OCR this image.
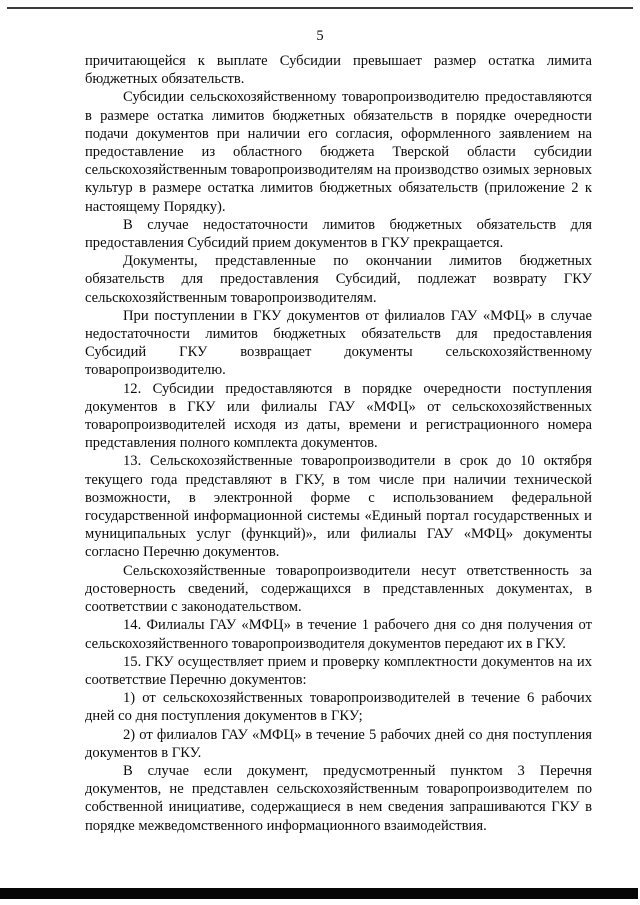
5

причитающейся к выплате Субсидии превышает размер остатка лимита бюджетных обязательств.

Субсидии сельскохозяйственному товаропроизводителю предоставляются в размере остатка лимитов бюджетных обязательств в порядке очередности подачи документов при наличии его согласия, оформленного заявлением на предоставление из областного бюджета Тверской области субсидии сельскохозяйственным товаропроизводителям на производство озимых зерновых культур в размере остатка лимитов бюджетных обязательств (приложение 2 к настоящему Порядку).

В случае недостаточности лимитов бюджетных обязательств для предоставления Субсидий прием документов в ГКУ прекращается.

Документы, представленные по окончании лимитов бюджетных обязательств для предоставления Субсидий, подлежат возврату ГКУ сельскохозяйственным товаропроизводителям.

При поступлении в ГКУ документов от филиалов ГАУ «МФЦ» в случае недостаточности лимитов бюджетных обязательств для предоставления Субсидий ГКУ возвращает документы сельскохозяйственному товаропроизводителю.

12. Субсидии предоставляются в порядке очередности поступления документов в ГКУ или филиалы ГАУ «МФЦ» от сельскохозяйственных товаропроизводителей исходя из даты, времени и регистрационного номера представления полного комплекта документов.

13. Сельскохозяйственные товаропроизводители в срок до 10 октября текущего года представляют в ГКУ, в том числе при наличии технической возможности, в электронной форме с использованием федеральной государственной информационной системы «Единый портал государственных и муниципальных услуг (функций)», или филиалы ГАУ «МФЦ» документы согласно Перечню документов.

Сельскохозяйственные товаропроизводители несут ответственность за достоверность сведений, содержащихся в представленных документах, в соответствии с законодательством.

14. Филиалы ГАУ «МФЦ» в течение 1 рабочего дня со дня получения от сельскохозяйственного товаропроизводителя документов передают их в ГКУ.

15. ГКУ осуществляет прием и проверку комплектности документов на их соответствие Перечню документов:

1) от сельскохозяйственных товаропроизводителей в течение 6 рабочих дней со дня поступления документов в ГКУ;

2) от филиалов ГАУ «МФЦ» в течение 5 рабочих дней со дня поступления документов в ГКУ.

В случае если документ, предусмотренный пунктом 3 Перечня документов, не представлен сельскохозяйственным товаропроизводителем по собственной инициативе, содержащиеся в нем сведения запрашиваются ГКУ в порядке межведомственного информационного взаимодействия.
